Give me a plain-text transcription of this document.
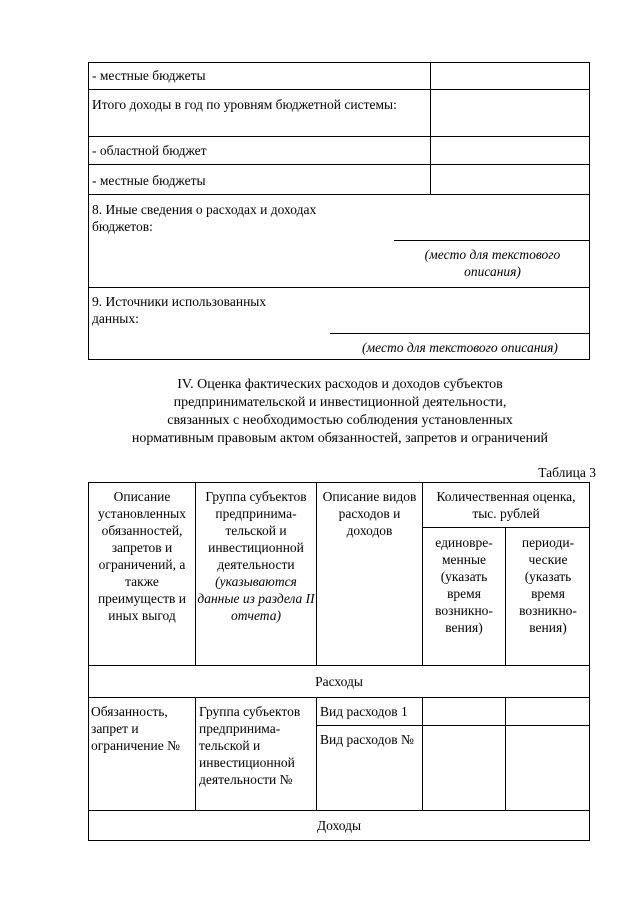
- местные бюджеты
Итого доходы в год по уровням бюджетной системы:
- областной бюджет
- местные бюджеты
8. Иные сведения о расходах и доходах бюджетов:
(место для текстового описания)
9. Источники использованных данных:
(место для текстового описания)
IV. Оценка фактических расходов и доходов субъектов
предпринимательской и инвестиционной деятельности,
связанных с необходимостью соблюдения установленных
нормативным правовым актом обязанностей, запретов и ограничений
Таблица 3
Описание установленных обязанностей, запретов и ограничений, а также преимуществ и иных выгод
Группа субъектов предпринима-тельской и инвестиционной деятельности (указываются данные из раздела II отчета)
Описание видов расходов и доходов
Количественная оценка, тыс. рублей
единовре-менные (указать время возникно-вения)
периоди-ческие (указать время возникно-вения)
Расходы
Обязанность, запрет и ограничение №
Группа субъектов предпринима-тельской и инвестиционной деятельности №
Вид расходов 1
Вид расходов №
Доходы
